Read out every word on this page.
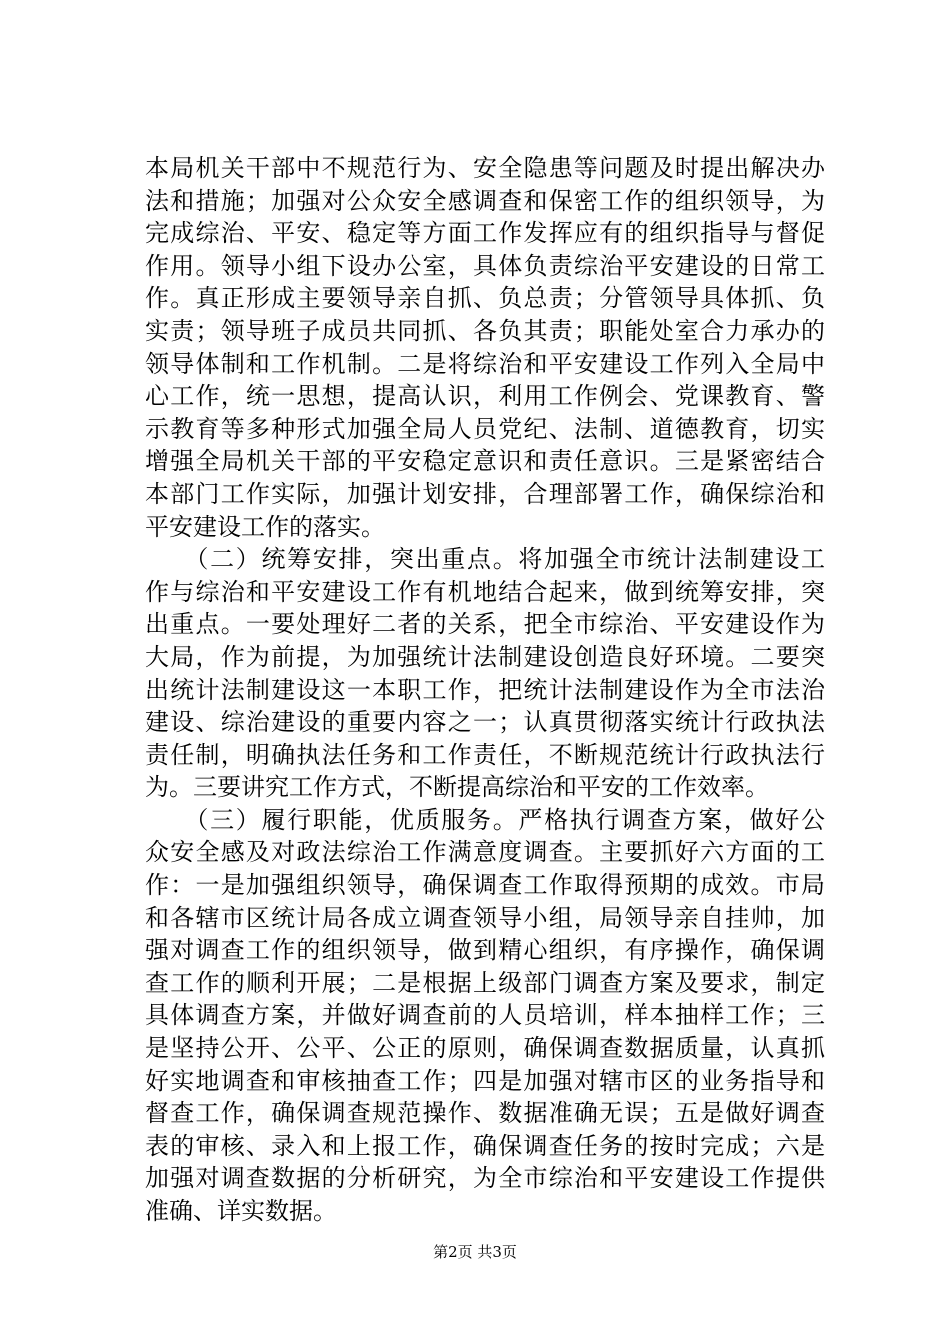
本局机关干部中不规范行为、安全隐患等问题及时提出解决办
法和措施；加强对公众安全感调查和保密工作的组织领导，为
完成综治、平安、稳定等方面工作发挥应有的组织指导与督促
作用。领导小组下设办公室，具体负责综治平安建设的日常工
作。真正形成主要领导亲自抓、负总责；分管领导具体抓、负
实责；领导班子成员共同抓、各负其责；职能处室合力承办的
领导体制和工作机制。二是将综治和平安建设工作列入全局中
心工作，统一思想，提高认识，利用工作例会、党课教育、警
示教育等多种形式加强全局人员党纪、法制、道德教育，切实
增强全局机关干部的平安稳定意识和责任意识。三是紧密结合
本部门工作实际，加强计划安排，合理部署工作，确保综治和
平安建设工作的落实。
　　（二）统筹安排，突出重点。将加强全市统计法制建设工
作与综治和平安建设工作有机地结合起来，做到统筹安排，突
出重点。一要处理好二者的关系，把全市综治、平安建设作为
大局，作为前提，为加强统计法制建设创造良好环境。二要突
出统计法制建设这一本职工作，把统计法制建设作为全市法治
建设、综治建设的重要内容之一；认真贯彻落实统计行政执法
责任制，明确执法任务和工作责任，不断规范统计行政执法行
为。三要讲究工作方式，不断提高综治和平安的工作效率。
　　（三）履行职能，优质服务。严格执行调查方案，做好公
众安全感及对政法综治工作满意度调查。主要抓好六方面的工
作：一是加强组织领导，确保调查工作取得预期的成效。市局
和各辖市区统计局各成立调查领导小组，局领导亲自挂帅，加
强对调查工作的组织领导，做到精心组织，有序操作，确保调
查工作的顺利开展；二是根据上级部门调查方案及要求，制定
具体调查方案，并做好调查前的人员培训，样本抽样工作；三
是坚持公开、公平、公正的原则，确保调查数据质量，认真抓
好实地调查和审核抽查工作；四是加强对辖市区的业务指导和
督查工作，确保调查规范操作、数据准确无误；五是做好调查
表的审核、录入和上报工作，确保调查任务的按时完成；六是
加强对调查数据的分析研究，为全市综治和平安建设工作提供
准确、详实数据。
第2页 共3页
